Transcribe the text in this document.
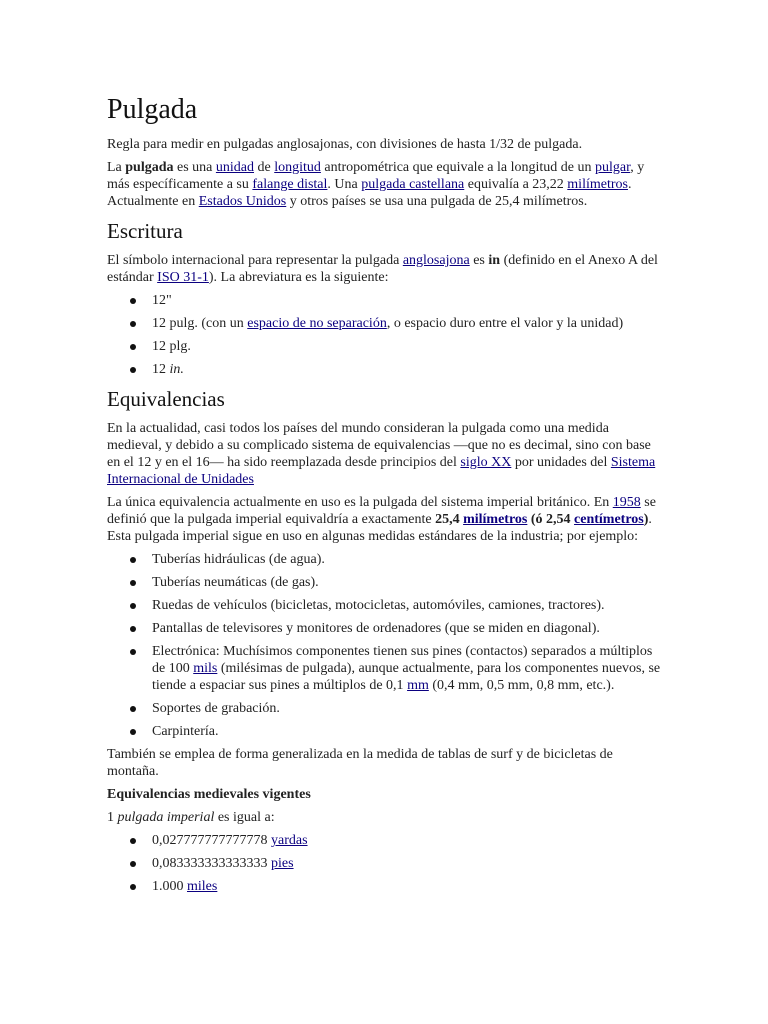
Pulgada

Regla para medir en pulgadas anglosajonas, con divisiones de hasta 1/32 de pulgada.

La pulgada es una unidad de longitud antropométrica que equivale a la longitud de un pulgar, y más específicamente a su falange distal. Una pulgada castellana equivalía a 23,22 milímetros. Actualmente en Estados Unidos y otros países se usa una pulgada de 25,4 milímetros.

Escritura

El símbolo internacional para representar la pulgada anglosajona es in (definido en el Anexo A del estándar ISO 31-1). La abreviatura es la siguiente:

12"
12 pulg. (con un espacio de no separación, o espacio duro entre el valor y la unidad)
12 plg.
12 in.
Equivalencias

En la actualidad, casi todos los países del mundo consideran la pulgada como una medida medieval, y debido a su complicado sistema de equivalencias —que no es decimal, sino con base en el 12 y en el 16— ha sido reemplazada desde principios del siglo XX por unidades del Sistema Internacional de Unidades

La única equivalencia actualmente en uso es la pulgada del sistema imperial británico. En 1958 se definió que la pulgada imperial equivaldría a exactamente 25,4 milímetros (ó 2,54 centímetros). Esta pulgada imperial sigue en uso en algunas medidas estándares de la industria; por ejemplo:

Tuberías hidráulicas (de agua).
Tuberías neumáticas (de gas).
Ruedas de vehículos (bicicletas, motocicletas, automóviles, camiones, tractores).
Pantallas de televisores y monitores de ordenadores (que se miden en diagonal).
Electrónica: Muchísimos componentes tienen sus pines (contactos) separados a múltiplos de 100 mils (milésimas de pulgada), aunque actualmente, para los componentes nuevos, se tiende a espaciar sus pines a múltiplos de 0,1 mm (0,4 mm, 0,5 mm, 0,8 mm, etc.).
Soportes de grabación.
Carpintería.

También se emplea de forma generalizada en la medida de tablas de surf y de bicicletas de montaña.

Equivalencias medievales vigentes

1 pulgada imperial es igual a:

0,027777777777778 yardas
0,083333333333333 pies
1.000 miles
